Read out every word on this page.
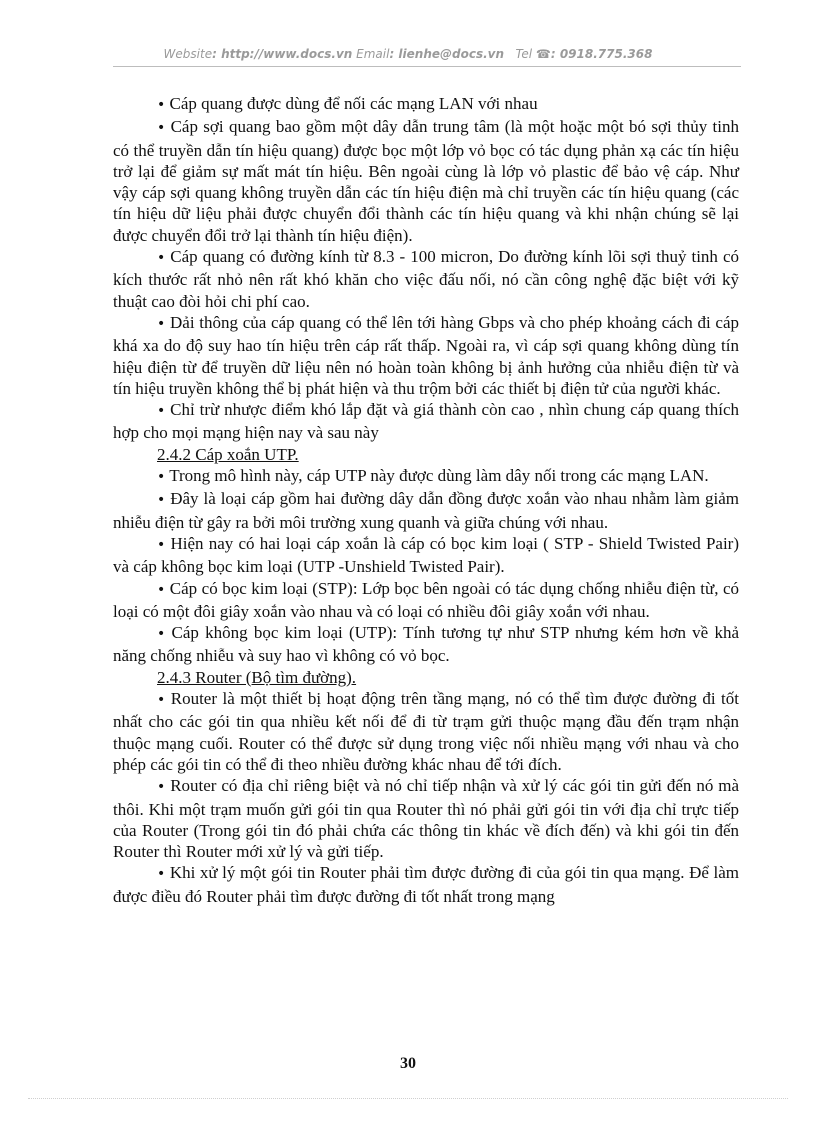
Website: http://www.docs.vn Email: lienhe@docs.vn Tel ☎: 0918.775.368

• Cáp quang được dùng để nối các mạng LAN với nhau

• Cáp sợi quang bao gồm một dây dẫn trung tâm (là một hoặc một bó sợi thủy tinh có thể truyền dẫn tín hiệu quang) được bọc một lớp vỏ bọc có tác dụng phản xạ các tín hiệu trở lại để giảm sự mất mát tín hiệu. Bên ngoài cùng là lớp vỏ plastic để bảo vệ cáp. Như vậy cáp sợi quang không truyền dẫn các tín hiệu điện mà chỉ truyền các tín hiệu quang (các tín hiệu dữ liệu phải được chuyển đổi thành các tín hiệu quang và khi nhận chúng sẽ lại được chuyển đổi trở lại thành tín hiệu điện).

• Cáp quang có đường kính từ 8.3 - 100 micron, Do đường kính lõi sợi thuỷ tinh có kích thước rất nhỏ nên rất khó khăn cho việc đấu nối, nó cần công nghệ đặc biệt với kỹ thuật cao đòi hỏi chi phí cao.

• Dải thông của cáp quang có thể lên tới hàng Gbps và cho phép khoảng cách đi cáp khá xa do độ suy hao tín hiệu trên cáp rất thấp. Ngoài ra, vì cáp sợi quang không dùng tín hiệu điện từ để truyền dữ liệu nên nó hoàn toàn không bị ảnh hưởng của nhiễu điện từ và tín hiệu truyền không thể bị phát hiện và thu trộm bởi các thiết bị điện tử của người khác.

• Chỉ trừ nhược điểm khó lắp đặt và giá thành còn cao , nhìn chung cáp quang thích hợp cho mọi mạng hiện nay và sau này

2.4.2 Cáp xoắn UTP.

• Trong mô hình này, cáp UTP này được dùng làm dây nối trong các mạng LAN.

• Đây là loại cáp gồm hai đường dây dẫn đồng được xoắn vào nhau nhằm làm giảm nhiễu điện từ gây ra bởi môi trường xung quanh và giữa chúng với nhau.

• Hiện nay có hai loại cáp xoắn là cáp có bọc kim loại ( STP - Shield Twisted Pair) và cáp không bọc kim loại (UTP -Unshield Twisted Pair).

• Cáp có bọc kim loại (STP): Lớp bọc bên ngoài có tác dụng chống nhiễu điện từ, có loại có một đôi giây xoắn vào nhau và có loại có nhiều đôi giây xoắn với nhau.

• Cáp không bọc kim loại (UTP): Tính tương tự như STP nhưng kém hơn về khả năng chống nhiễu và suy hao vì không có vỏ bọc.

2.4.3 Router (Bộ tìm đường).

• Router là một thiết bị hoạt động trên tầng mạng, nó có thể tìm được đường đi tốt nhất cho các gói tin qua nhiều kết nối để đi từ trạm gửi thuộc mạng đầu đến trạm nhận thuộc mạng cuối. Router có thể được sử dụng trong việc nối nhiều mạng với nhau và cho phép các gói tin có thể đi theo nhiều đường khác nhau để tới đích.

• Router có địa chỉ riêng biệt và nó chỉ tiếp nhận và xử lý các gói tin gửi đến nó mà thôi. Khi một trạm muốn gửi gói tin qua Router thì nó phải gửi gói tin với địa chỉ trực tiếp của Router (Trong gói tin đó phải chứa các thông tin khác về đích đến) và khi gói tin đến Router thì Router mới xử lý và gửi tiếp.

• Khi xử lý một gói tin Router phải tìm được đường đi của gói tin qua mạng. Để làm được điều đó Router phải tìm được đường đi tốt nhất trong mạng

30
